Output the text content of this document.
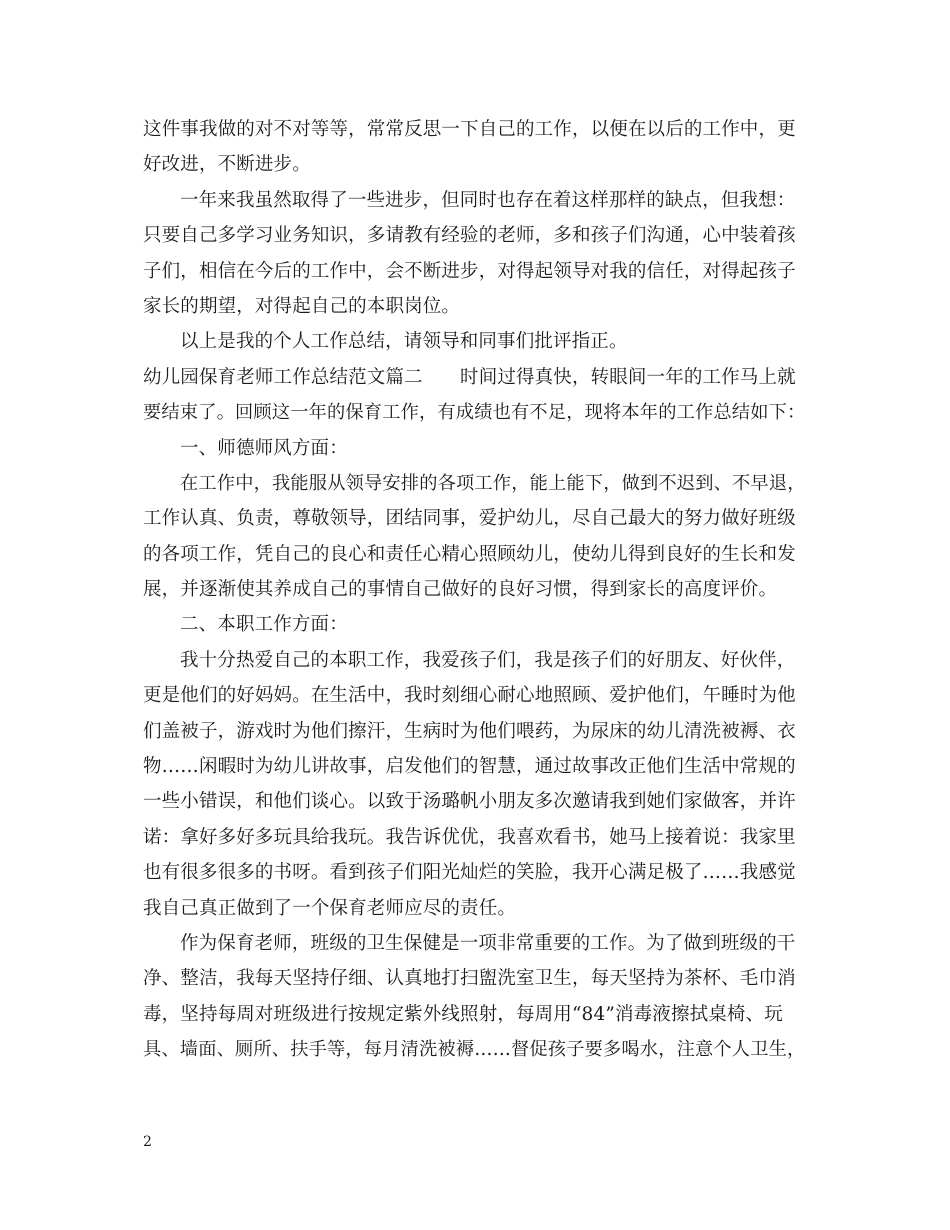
这件事我做的对不对等等，常常反思一下自己的工作，以便在以后的工作中，更
好改进，不断进步。
一年来我虽然取得了一些进步，但同时也存在着这样那样的缺点，但我想：
只要自己多学习业务知识，多请教有经验的老师，多和孩子们沟通，心中装着孩
子们，相信在今后的工作中，会不断进步，对得起领导对我的信任，对得起孩子
家长的期望，对得起自己的本职岗位。
以上是我的个人工作总结，请领导和同事们批评指正。
幼儿园保育老师工作总结范文篇二　　时间过得真快，转眼间一年的工作马上就
要结束了。回顾这一年的保育工作，有成绩也有不足，现将本年的工作总结如下：
一、师德师风方面：
在工作中，我能服从领导安排的各项工作，能上能下，做到不迟到、不早退，
工作认真、负责，尊敬领导，团结同事，爱护幼儿，尽自己最大的努力做好班级
的各项工作，凭自己的良心和责任心精心照顾幼儿，使幼儿得到良好的生长和发
展，并逐渐使其养成自己的事情自己做好的良好习惯，得到家长的高度评价。
二、本职工作方面：
我十分热爱自己的本职工作，我爱孩子们，我是孩子们的好朋友、好伙伴，
更是他们的好妈妈。在生活中，我时刻细心耐心地照顾、爱护他们，午睡时为他
们盖被子，游戏时为他们擦汗，生病时为他们喂药，为尿床的幼儿清洗被褥、衣
物……闲暇时为幼儿讲故事，启发他们的智慧，通过故事改正他们生活中常规的
一些小错误，和他们谈心。以致于汤璐帆小朋友多次邀请我到她们家做客，并许
诺：拿好多好多玩具给我玩。我告诉优优，我喜欢看书，她马上接着说：我家里
也有很多很多的书呀。看到孩子们阳光灿烂的笑脸，我开心满足极了……我感觉
我自己真正做到了一个保育老师应尽的责任。
作为保育老师，班级的卫生保健是一项非常重要的工作。为了做到班级的干
净、整洁，我每天坚持仔细、认真地打扫盥洗室卫生，每天坚持为茶杯、毛巾消
毒，坚持每周对班级进行按规定紫外线照射，每周用“84”消毒液擦拭桌椅、玩
具、墙面、厕所、扶手等，每月清洗被褥……督促孩子要多喝水，注意个人卫生，
2
